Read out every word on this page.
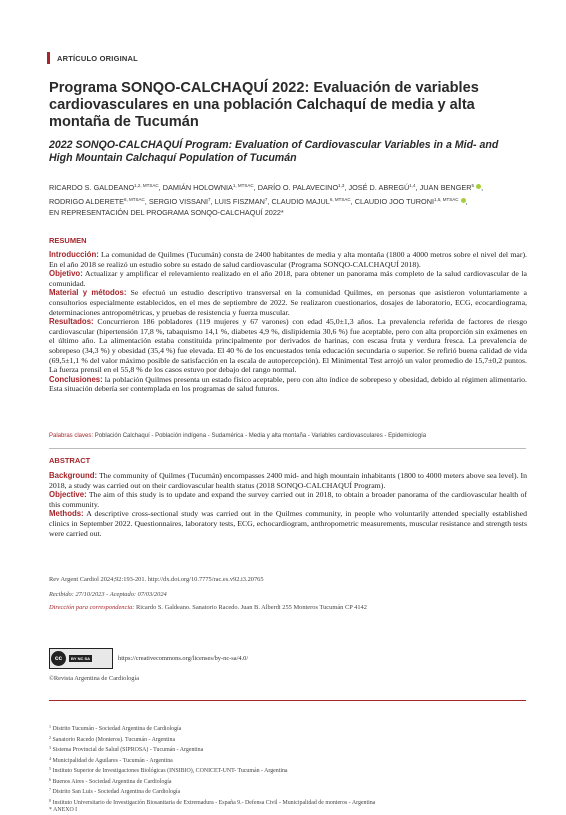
ARTÍCULO ORIGINAL
Programa SONQO-CALCHAQUÍ 2022: Evaluación de variables cardiovasculares en una población Calchaquí de media y alta montaña de Tucumán
2022 SONQO-CALCHAQUÍ Program: Evaluation of Cardiovascular Variables in a Mid- and High Mountain Calchaquí Population of Tucumán
RICARDO S. $GALDEANO^{1,2, MTSAC}$, DAMIÁN $HOLOWNIA^{1, MTSAC}$, DARÍO O. PALAVECINO$^{1,3}$, JOSÉ D. ABREGÚ$^{1,4}$, JUAN BENGER$^5$ ,
RODRIGO $ALDERETE^{6, MTSAC}$, SERGIO VISSANI$^7$, LUIS FISZMAN$^7$, CLAUDIO $MAJUL^{6, MTSAC}$, CLAUDIO JOO $TURONI^{1,5, MTSAC}$ ,
EN REPRESENTACIÓN DEL PROGRAMA SONQO-CALCHAQUÍ 2022*
RESUMEN

Introducción: La comunidad de Quilmes (Tucumán) consta de 2400 habitantes de media y alta montaña (1800 a 4000 metros sobre el nivel del mar). En el año 2018 se realizó un estudio sobre su estado de salud cardiovascular (Programa SONQO-CALCHAQUÍ 2018).

Objetivo: Actualizar y amplificar el relevamiento realizado en el año 2018, para obtener un panorama más completo de la salud cardiovascular de la comunidad.

Material y métodos: Se efectuó un estudio descriptivo transversal en la comunidad Quilmes, en personas que asistieron voluntariamente a consultorios especialmente establecidos, en el mes de septiembre de 2022. Se realizaron cuestionarios, dosajes de laboratorio, ECG, ecocardiograma, determinaciones antropométricas, y pruebas de resistencia y fuerza muscular.

Resultados: Concurrieron 186 pobladores (119 mujeres y 67 varones) con edad 45,0±1,3 años. La prevalencia referida de factores de riesgo cardiovascular (hipertensión 17,8 %, tabaquismo 14,1 %, diabetes 4,9 %, dislipidemia 30,6 %) fue aceptable, pero con alta proporción sin exámenes en el último año. La alimentación estaba constituida principalmente por derivados de harinas, con escasa fruta y verdura fresca. La prevalencia de sobrepeso (34,3 %) y obesidad (35,4 %) fue elevada. El 40 % de los encuestados tenía educación secundaria o superior. Se refirió buena calidad de vida (69,5±1,1 % del valor máximo posible de satisfacción en la escala de autopercepción). El Minimental Test arrojó un valor promedio de 15,7±0,2 puntos. La fuerza prensil en el 55,8 % de los casos estuvo por debajo del rango normal.

Conclusiones: la población Quilmes presenta un estado físico aceptable, pero con alto índice de sobrepeso y obesidad, debido al régimen alimentario. Esta situación debería ser contemplada en los programas de salud futuros.

Palabras claves: Población Calchaquí - Población indígena - Sudamérica - Media y alta montaña - Variables cardiovasculares - Epidemiología
ABSTRACT

Background: The community of Quilmes (Tucumán) encompasses 2400 mid- and high mountain inhabitants (1800 to 4000 meters above sea level). In 2018, a study was carried out on their cardiovascular health status (2018 SONQO-CALCHAQUÍ Program).

Objective: The aim of this study is to update and expand the survey carried out in 2018, to obtain a broader panorama of the cardiovascular health of this community.

Methods: A descriptive cross-sectional study was carried out in the Quilmes community, in people who voluntarily attended specially established clinics in September 2022. Questionnaires, laboratory tests, ECG, echocardiogram, anthropometric measurements, muscular resistance and strength tests were carried out.

Rev Argent Cardiol 2024;92:193-201. http://dx.doi.org/10.7775/rac.es.v92.i3.20765
Recibido: 27/10/2023 - Aceptado: 07/03/2024
Dirección para correspondencia: Ricardo S. Galdeano. Sanatorio Racedo. Juan B. Alberdi 255 Monteros Tucumán CP 4142
cc	BY NC SA	https://creativecommons.org/licenses/by-nc-sa/4.0/
©Revista Argentina de Cardiología
$^1$ Distrito Tucumán - Sociedad Argentina de Cardiología
$^2$ Sanatorio Racedo (Monteros). Tucumán - Argentina
$^3$ Sistema Provincial de Salud (SIPROSA) - Tucumán - Argentina
$^4$ Municipalidad de Aguilares - Tucumán - Argentina
$^5$ Instituto Superior de Investigaciones Biológicas (INSIBIO), CONICET-UNT- Tucumán - Argentina
$^6$ Buenos Aires - Sociedad Argentina de Cardiología
$^7$ Distrito San Luis - Sociedad Argentina de Cardiología
$^8$ Instituto Universitario de Investigación Biosanitaria de Extremadura - España 9.- Defensa Civil - Municipalidad de monteros - Argentina
* ANEXO I
